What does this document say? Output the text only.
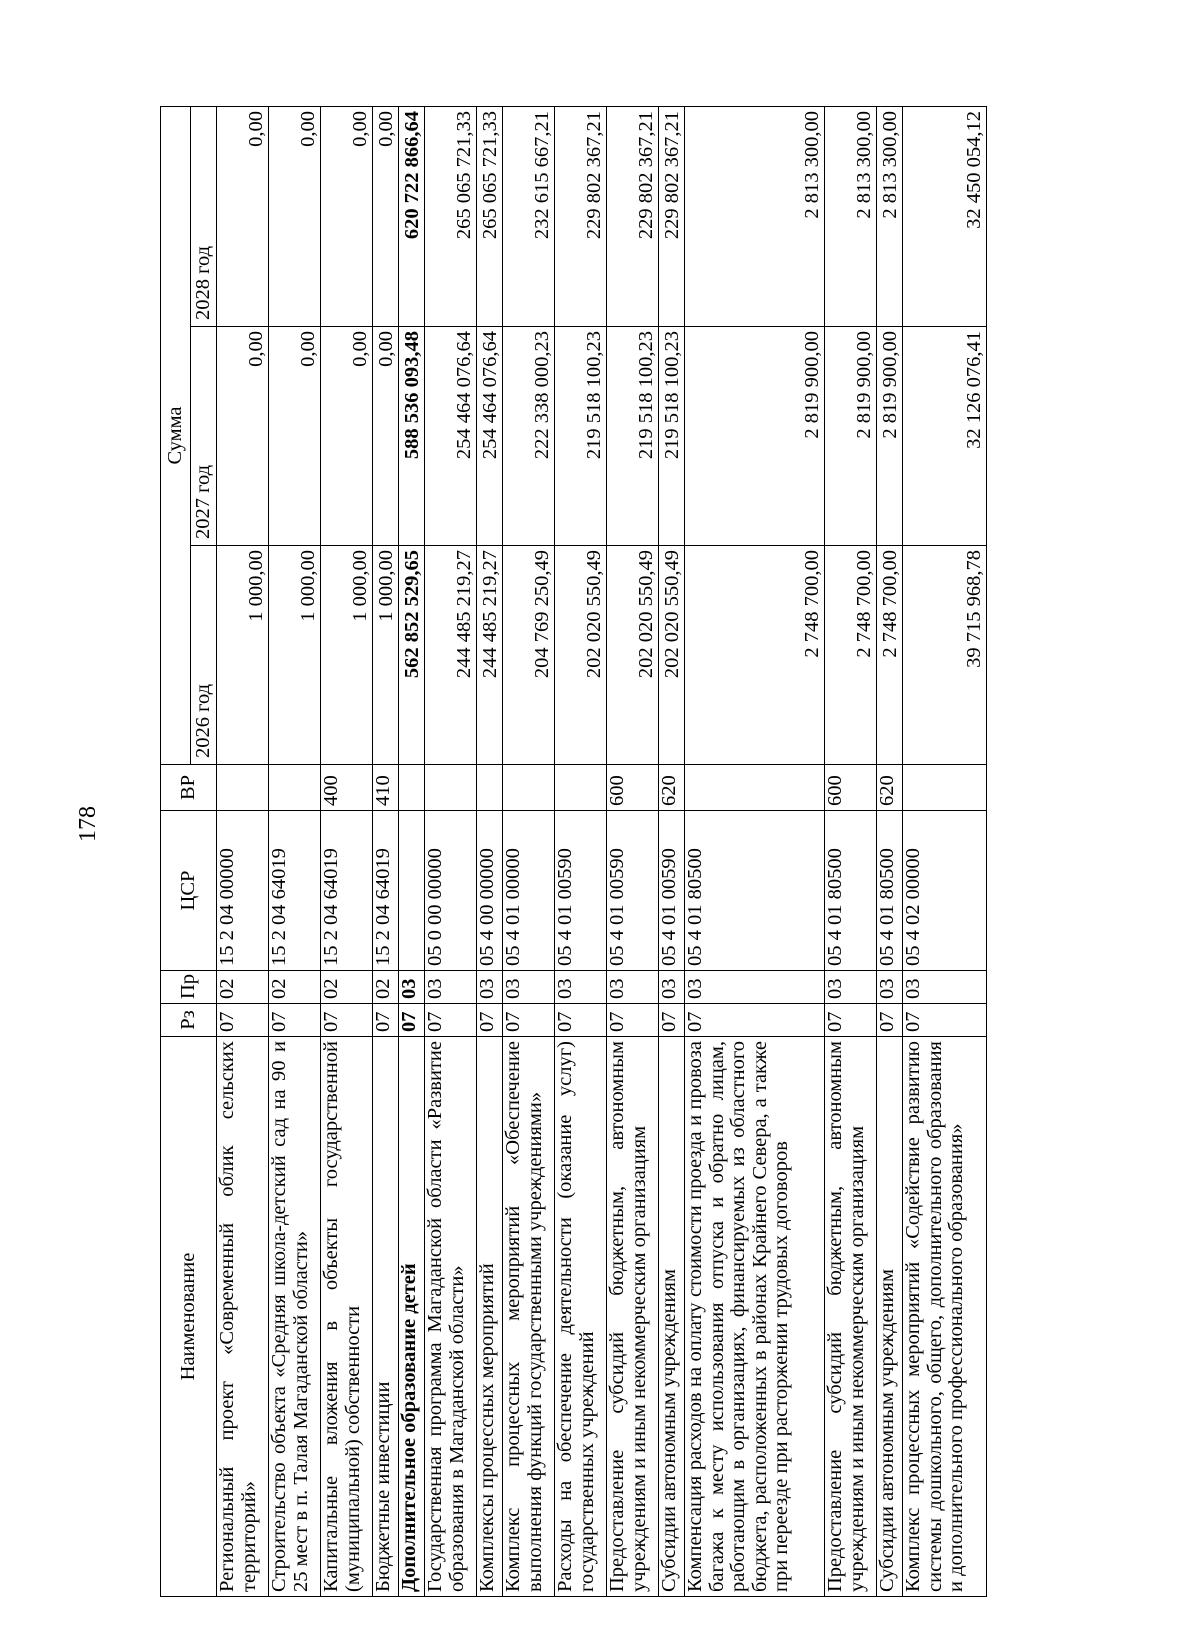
178
Наименование	Рз	Пр	ЦСР	ВР	Сумма		
					2026 год	2027 год	2028 год
Региональный проект «Современный облик сельских территорий»	07	02	15 2 04 00000		1 000,00	0,00	0,00
Строительство объекта «Средняя школа-детский сад на 90 и 25 мест в п. Талая Магаданской области»	07	02	15 2 04 64019		1 000,00	0,00	0,00
Капитальные вложения в объекты государственной (муниципальной) собственности	07	02	15 2 04 64019	400	1 000,00	0,00	0,00
Бюджетные инвестиции	07	02	15 2 04 64019	410	1 000,00	0,00	0,00
Дополнительное образование детей	07	03			562 852 529,65	588 536 093,48	620 722 866,64
Государственная программа Магаданской области «Развитие образования в Магаданской области»	07	03	05 0 00 00000		244 485 219,27	254 464 076,64	265 065 721,33
Комплексы процессных мероприятий	07	03	05 4 00 00000		244 485 219,27	254 464 076,64	265 065 721,33
Комплекс процессных мероприятий «Обеспечение выполнения функций государственными учреждениями»	07	03	05 4 01 00000		204 769 250,49	222 338 000,23	232 615 667,21
Расходы на обеспечение деятельности (оказание услуг) государственных учреждений	07	03	05 4 01 00590		202 020 550,49	219 518 100,23	229 802 367,21
Предоставление субсидий бюджетным, автономным учреждениям и иным некоммерческим организациям	07	03	05 4 01 00590	600	202 020 550,49	219 518 100,23	229 802 367,21
Субсидии автономным учреждениям	07	03	05 4 01 00590	620	202 020 550,49	219 518 100,23	229 802 367,21
Компенсация расходов на оплату стоимости проезда и провоза багажа к месту использования отпуска и обратно лицам, работающим в организациях, финансируемых из областного бюджета, расположенных в районах Крайнего Севера, а также при переезде при расторжении трудовых договоров	07	03	05 4 01 80500		2 748 700,00	2 819 900,00	2 813 300,00
Предоставление субсидий бюджетным, автономным учреждениям и иным некоммерческим организациям	07	03	05 4 01 80500	600	2 748 700,00	2 819 900,00	2 813 300,00
Субсидии автономным учреждениям	07	03	05 4 01 80500	620	2 748 700,00	2 819 900,00	2 813 300,00
Комплекс процессных мероприятий «Содействие развитию системы дошкольного, общего, дополнительного образования и дополнительного профессионального образования»	07	03	05 4 02 00000		39 715 968,78	32 126 076,41	32 450 054,12
